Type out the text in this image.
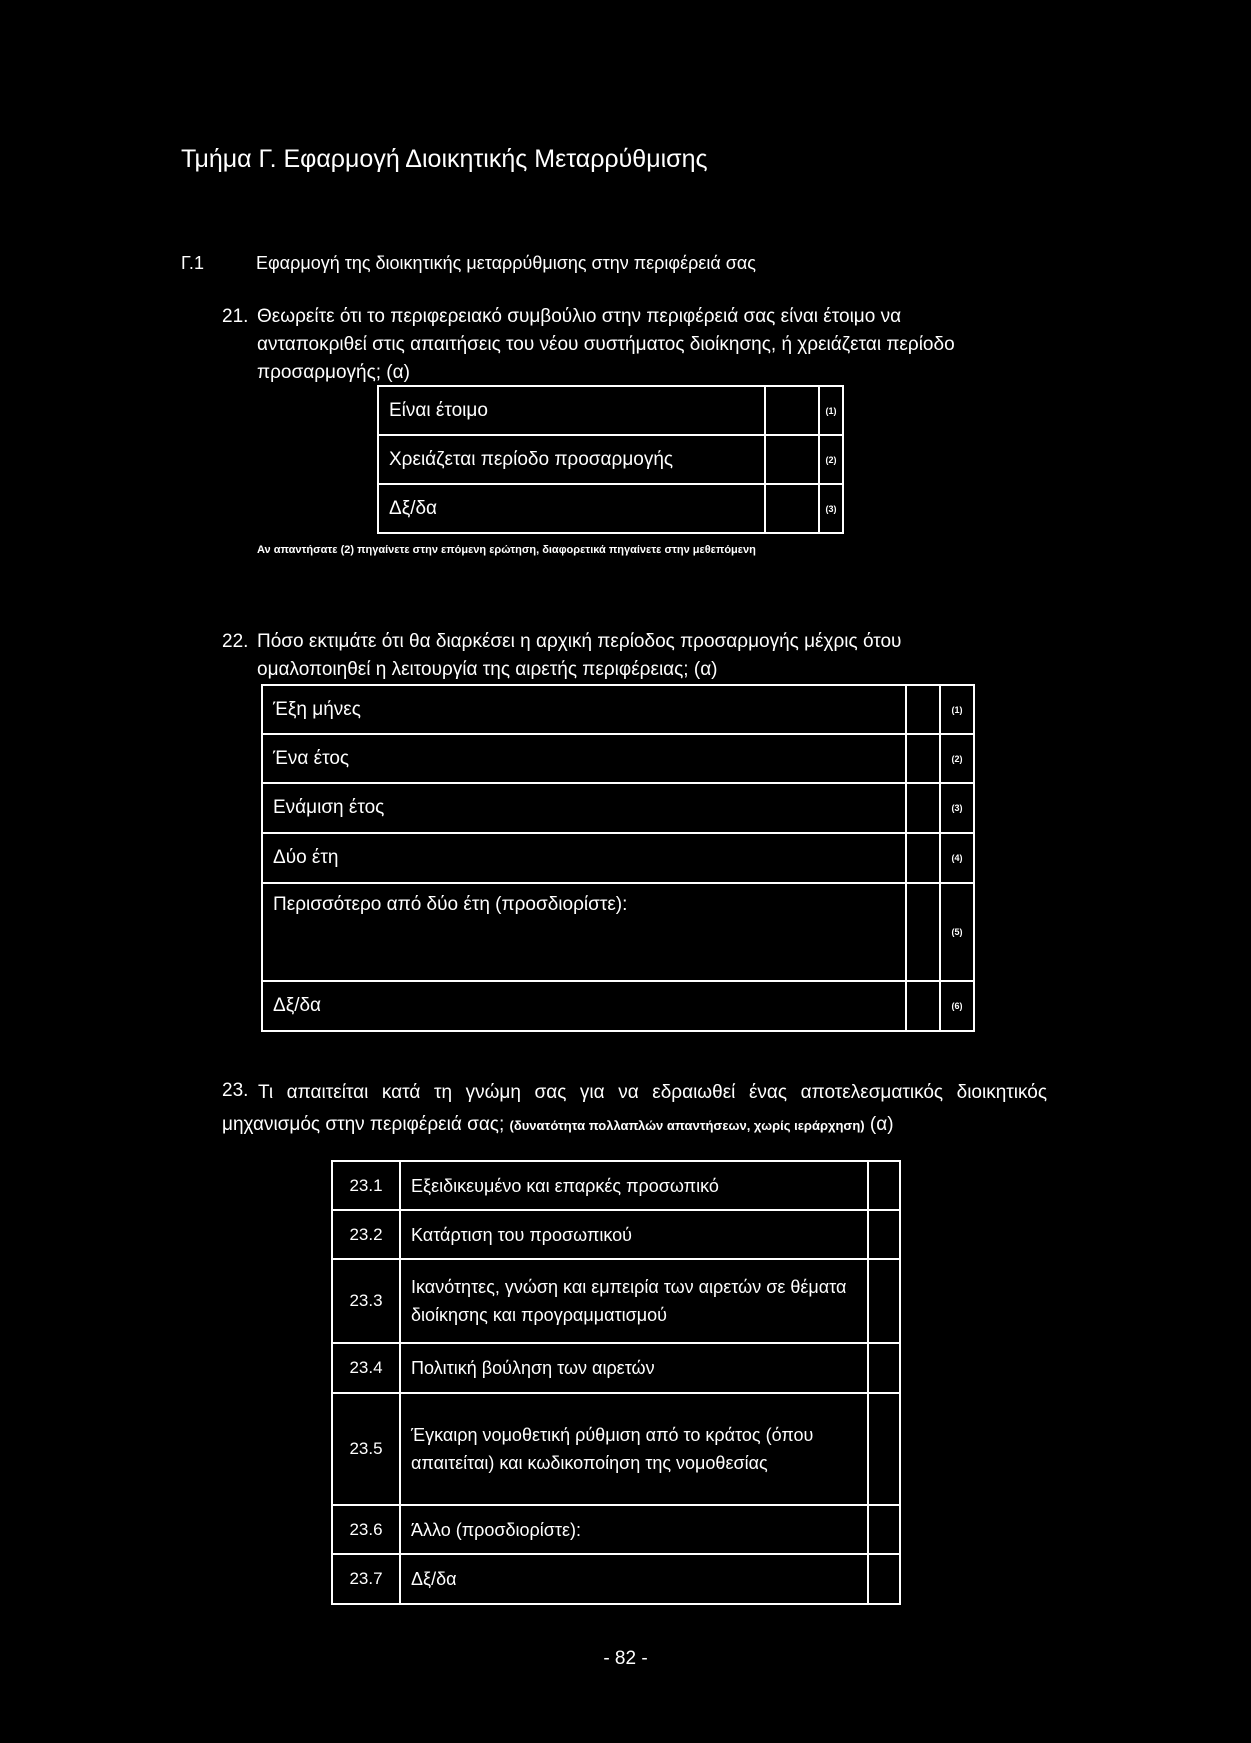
Τμήμα Γ. Εφαρμογή Διοικητικής Μεταρρύθμισης
Γ.1	Εφαρμογή της διοικητικής μεταρρύθμισης στην περιφέρειά σας
21. Θεωρείτε ότι το περιφερειακό συμβούλιο στην περιφέρειά σας είναι έτοιμο να ανταποκριθεί στις απαιτήσεις του νέου συστήματος διοίκησης, ή χρειάζεται περίοδο προσαρμογής; (α)
Είναι έτοιμο		(1)
Χρειάζεται περίοδο προσαρμογής		(2)
Δξ/δα		(3)
Αν απαντήσατε (2) πηγαίνετε στην επόμενη ερώτηση, διαφορετικά πηγαίνετε στην μεθεπόμενη
22. Πόσο εκτιμάτε ότι θα διαρκέσει η αρχική περίοδος προσαρμογής μέχρις ότου ομαλοποιηθεί η λειτουργία της αιρετής περιφέρειας; (α)
Έξη μήνες		(1)
Ένα έτος		(2)
Ενάμιση έτος		(3)
Δύο έτη		(4)
Περισσότερο από δύο έτη (προσδιορίστε):		(5)
Δξ/δα		(6)
23. Τι απαιτείται κατά τη γνώμη σας για να εδραιωθεί ένας αποτελεσματικός διοικητικός μηχανισμός στην περιφέρειά σας; (δυνατότητα πολλαπλών απαντήσεων, χωρίς ιεράρχηση) (α)
23.1	Εξειδικευμένο και επαρκές προσωπικό	
23.2	Κατάρτιση του προσωπικού	
23.3	Ικανότητες, γνώση και εμπειρία των αιρετών σε θέματα διοίκησης και προγραμματισμού	
23.4	Πολιτική βούληση των αιρετών	
23.5	Έγκαιρη νομοθετική ρύθμιση από το κράτος (όπου απαιτείται) και κωδικοποίηση της νομοθεσίας	
23.6	Άλλο (προσδιορίστε):	
23.7	Δξ/δα	
- 82 -
